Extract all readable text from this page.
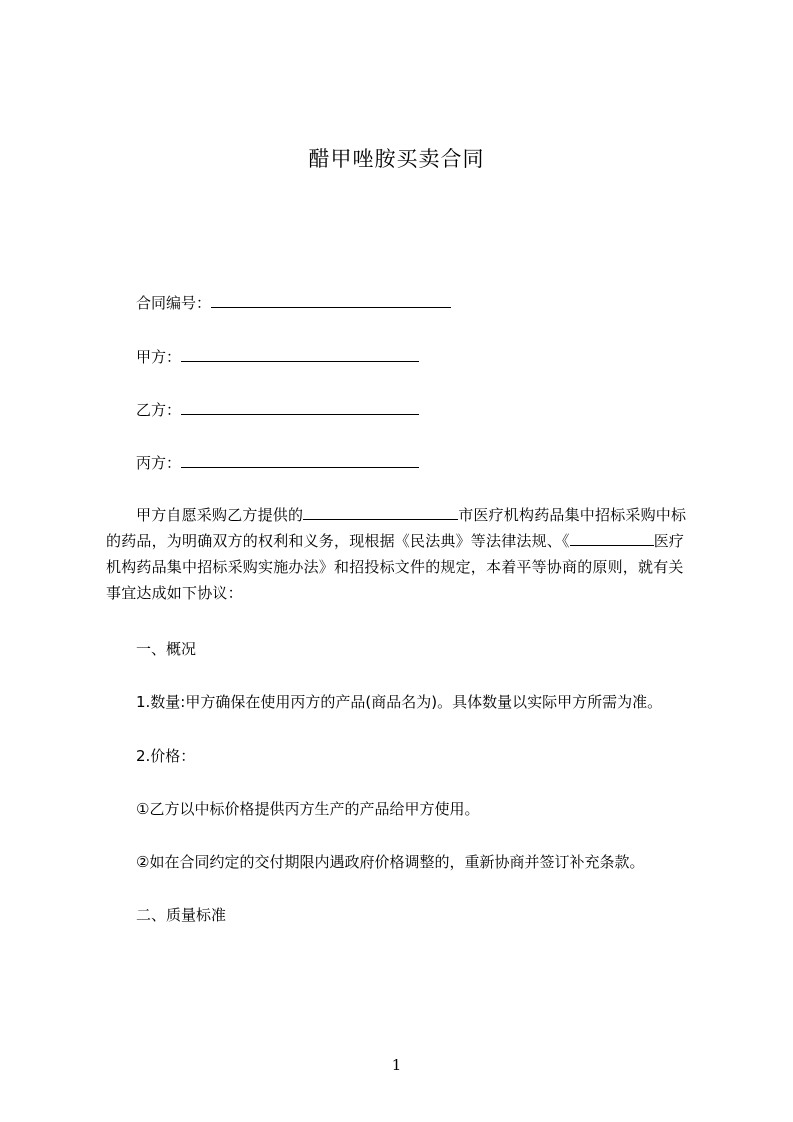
醋甲唑胺买卖合同
合同编号：
甲方：
乙方：
丙方：
甲方自愿采购乙方提供的	市医疗机构药品集中招标采购中标的药品，为明确双方的权利和义务，现根据《民法典》等法律法规、《	医疗机构药品集中招标采购实施办法》和招投标文件的规定，本着平等协商的原则，就有关事宜达成如下协议：
一、概况
1.数量:甲方确保在使用丙方的产品(商品名为)。具体数量以实际甲方所需为准。
2.价格：
①乙方以中标价格提供丙方生产的产品给甲方使用。
②如在合同约定的交付期限内遇政府价格调整的，重新协商并签订补充条款。
二、质量标准
1
